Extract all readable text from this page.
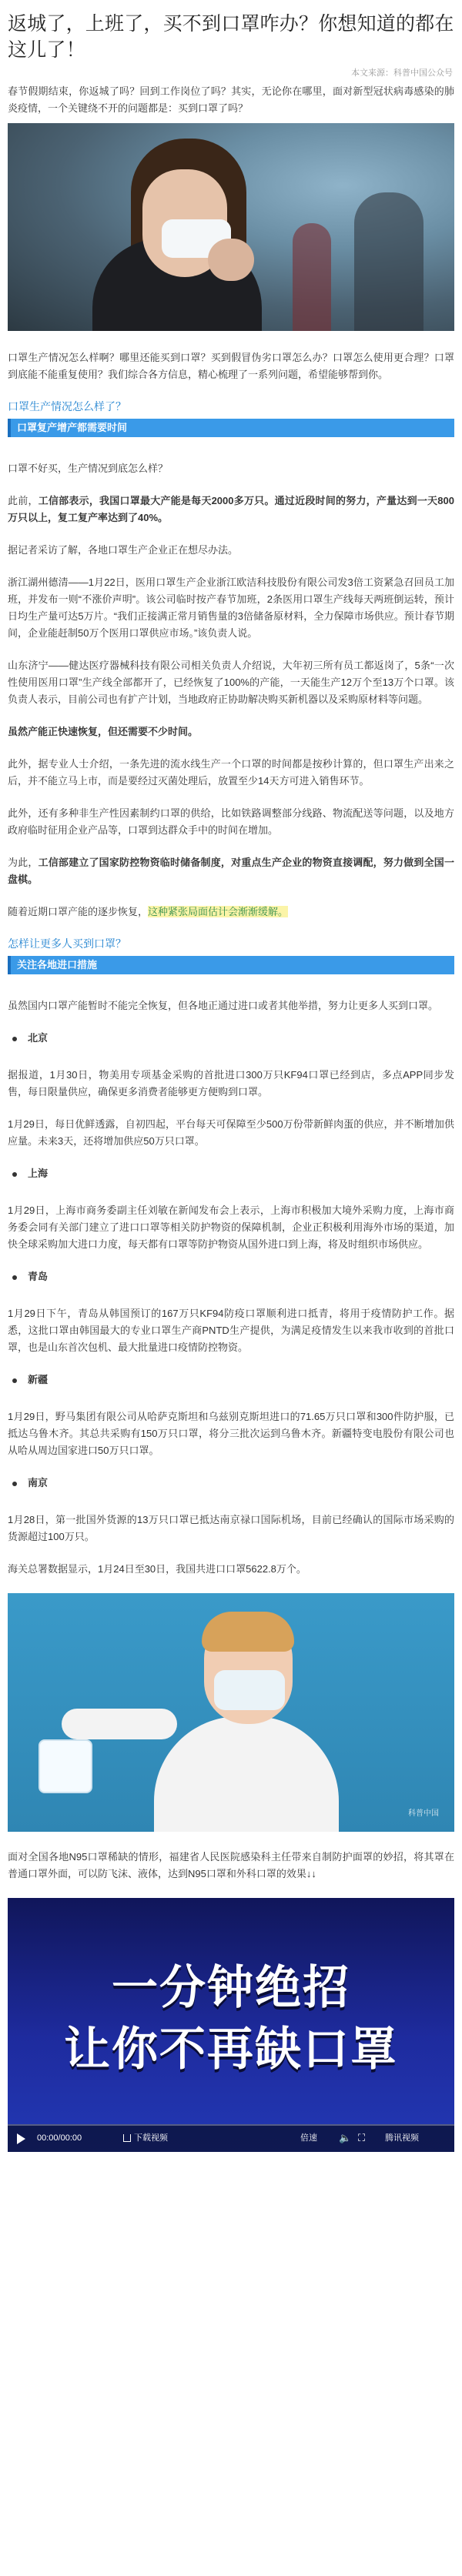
返城了，上班了，买不到口罩咋办？你想知道的都在这儿了！
本文来源：科普中国公众号

春节假期结束，你返城了吗？回到工作岗位了吗？其实，无论你在哪里，面对新型冠状病毒感染的肺炎疫情，一个关键绕不开的问题都是：买到口罩了吗？

口罩生产情况怎么样啊？哪里还能买到口罩？买到假冒伪劣口罩怎么办？口罩怎么使用更合理？口罩到底能不能重复使用？我们综合各方信息，精心梳理了一系列问题，希望能够帮到你。

口罩生产情况怎么样了？
口罩复产增产都需要时间

口罩不好买，生产情况到底怎么样？

此前，工信部表示，我国口罩最大产能是每天2000多万只。通过近段时间的努力，产量达到一天800万只以上，复工复产率达到了40%。

据记者采访了解，各地口罩生产企业正在想尽办法。

浙江湖州德清——1月22日，医用口罩生产企业浙江欧洁科技股份有限公司发3倍工资紧急召回员工加班，并发布一则“不涨价声明”。该公司临时按产春节加班，2条医用口罩生产线每天两班倒运转，预计日均生产量可达5万片。“我们正接满正常月销售量的3倍储备原材料，全力保障市场供应。预计春节期间，企业能赶制50万个医用口罩供应市场。”该负责人说。

山东济宁——健达医疗器械科技有限公司相关负责人介绍说，大年初三所有员工都返岗了，5条“一次性使用医用口罩”生产线全部都开了，已经恢复了100%的产能，一天能生产12万个至13万个口罩。该负责人表示，目前公司也有扩产计划，当地政府正协助解决购买新机器以及采购原材料等问题。

虽然产能正快速恢复，但还需要不少时间。

此外，据专业人士介绍，一条先进的流水线生产一个口罩的时间都是按秒计算的，但口罩生产出来之后，并不能立马上市，而是要经过灭菌处理后，放置至少14天方可进入销售环节。

此外，还有多种非生产性因素制约口罩的供给，比如铁路调整部分线路、物流配送等问题，以及地方政府临时征用企业产品等，口罩到达群众手中的时间在增加。

为此，工信部建立了国家防控物资临时储备制度，对重点生产企业的物资直接调配，努力做到全国一盘棋。

随着近期口罩产能的逐步恢复，这种紧张局面估计会渐渐缓解。

怎样让更多人买到口罩？
关注各地进口措施

虽然国内口罩产能暂时不能完全恢复，但各地正通过进口或者其他举措，努力让更多人买到口罩。

北京

据报道，1月30日，物美用专项基金采购的首批进口300万只KF94口罩已经到店，多点APP同步发售，每日限量供应，确保更多消费者能够更方便购到口罩。

1月29日，每日优鲜透露，自初四起，平台每天可保障至少500万份带新鲜肉蛋的供应，并不断增加供应量。未来3天，还将增加供应50万只口罩。

上海

1月29日，上海市商务委副主任刘敏在新闻发布会上表示，上海市积极加大境外采购力度，上海市商务委会同有关部门建立了进口口罩等相关防护物资的保障机制，企业正积极利用海外市场的渠道，加快全球采购加大进口力度，每天都有口罩等防护物资从国外进口到上海，将及时组织市场供应。

青岛

1月29日下午，青岛从韩国预订的167万只KF94防疫口罩顺利进口抵青，将用于疫情防护工作。据悉，这批口罩由韩国最大的专业口罩生产商PNTD生产提供，为满足疫情发生以来我市收到的首批口罩，也是山东首次包机、最大批量进口疫情防控物资。

新疆

1月29日，野马集团有限公司从哈萨克斯坦和乌兹别克斯坦进口的71.65万只口罩和300件防护服，已抵达乌鲁木齐。其总共采购有150万只口罩，将分三批次运到乌鲁木齐。新疆特变电股份有限公司也从哈从周边国家进口50万只口罩。

南京

1月28日，第一批国外货源的13万只口罩已抵达南京禄口国际机场，目前已经确认的国际市场采购的货源超过100万只。

海关总署数据显示，1月24日至30日，我国共进口口罩5622.8万个。

科普中国

面对全国各地N95口罩稀缺的情形，福建省人民医院感染科主任带来自制防护面罩的妙招，将其罩在普通口罩外面，可以防飞沫、液体，达到N95口罩和外科口罩的效果↓↓

一分钟绝招
让你不再缺口罩
00:00/00:00	下载视频	倍速 🔈 ⛶ 腾讯视频
